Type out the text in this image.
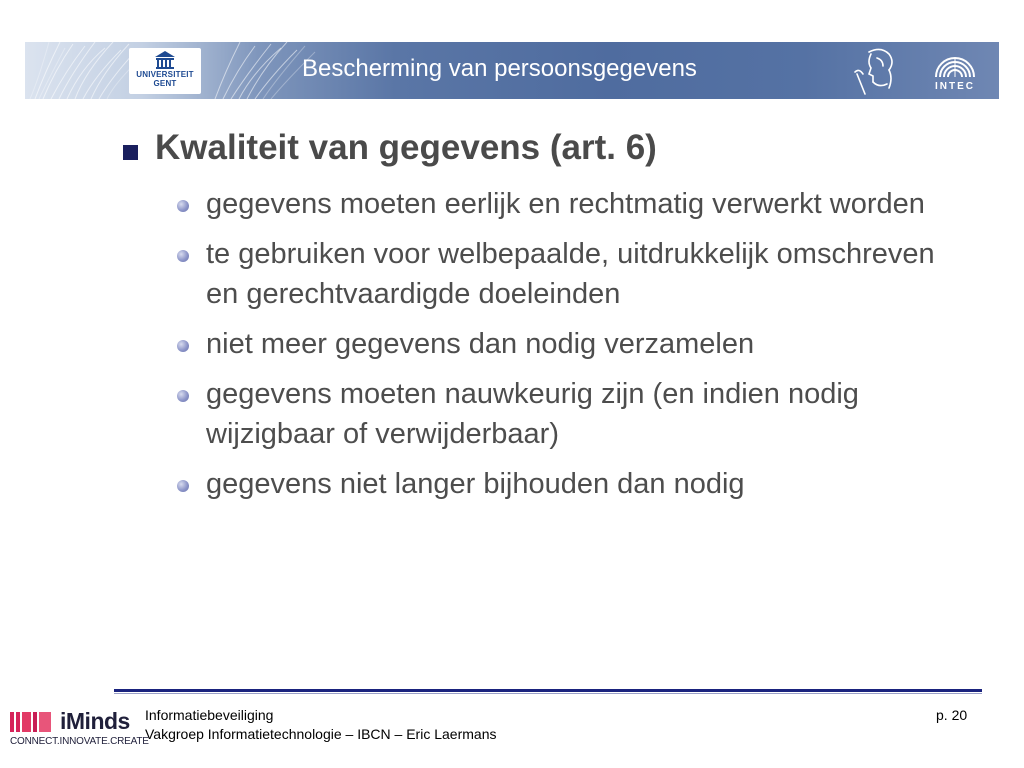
UNIVERSITEIT
GENT
Bescherming van persoonsgegevens
INTEC
Kwaliteit van gegevens (art. 6)
gegevens moeten eerlijk en rechtmatig verwerkt worden
te gebruiken voor welbepaalde, uitdrukkelijk omschreven en gerechtvaardigde doeleinden
niet meer gegevens dan nodig verzamelen
gegevens moeten nauwkeurig zijn (en indien nodig wijzigbaar of verwijderbaar)
gegevens niet langer bijhouden dan nodig
iMinds
CONNECT.INNOVATE.CREATE
Informatiebeveiliging
Vakgroep Informatietechnologie – IBCN – Eric Laermans
p. 20
